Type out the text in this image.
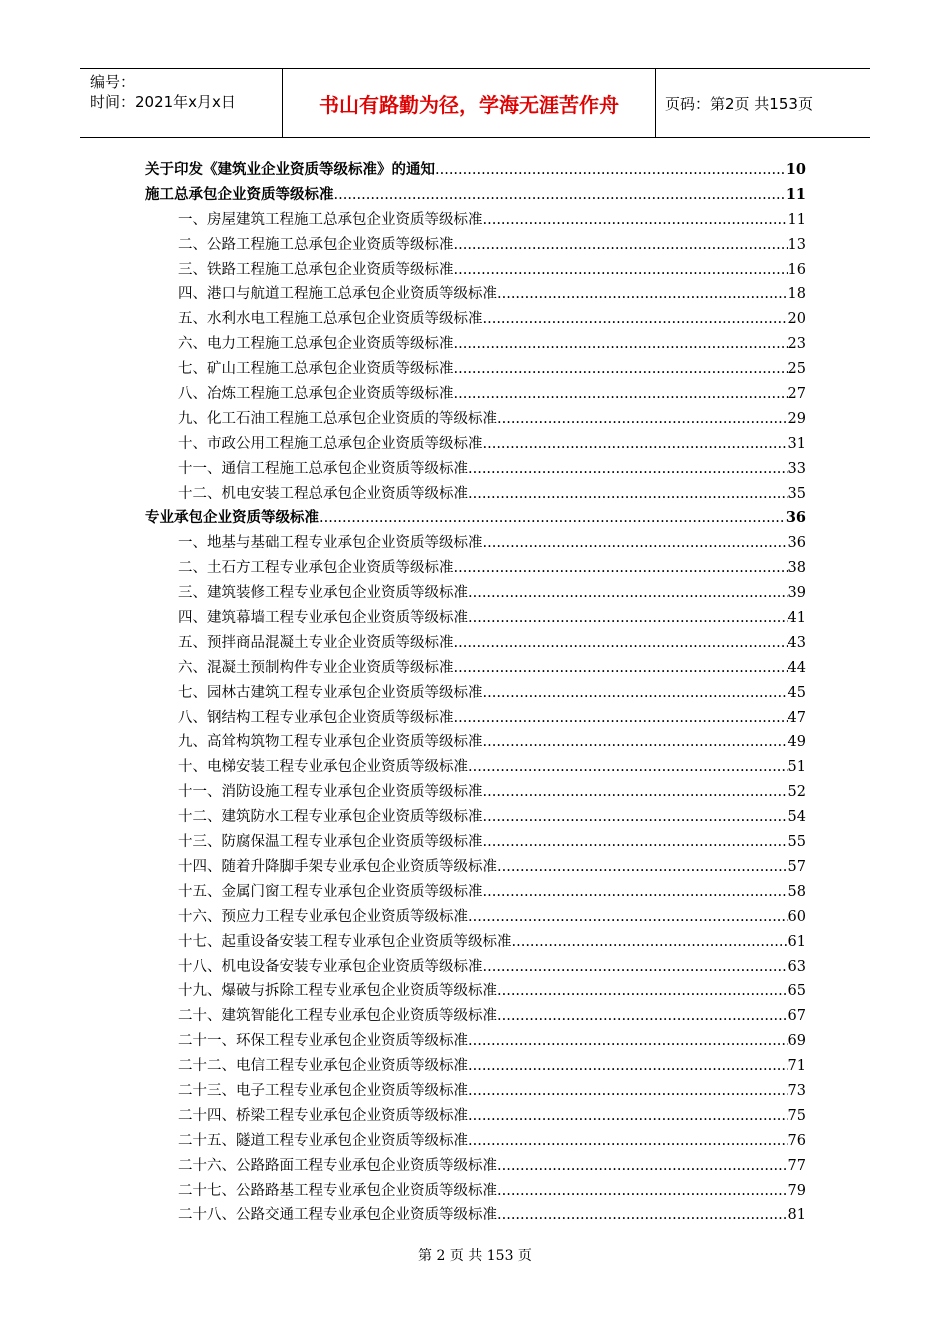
编号：
时间：2021年x月x日	书山有路勤为径，学海无涯苦作舟	页码：第2页 共153页
关于印发《建筑业企业资质等级标准》的通知 .....	10
施工总承包企业资质等级标准 .....	11
一、房屋建筑工程施工总承包企业资质等级标准 .....	11
二、公路工程施工总承包企业资质等级标准 .....	13
三、铁路工程施工总承包企业资质等级标准 .....	16
四、港口与航道工程施工总承包企业资质等级标准 .....	18
五、水利水电工程施工总承包企业资质等级标准 .....	20
六、电力工程施工总承包企业资质等级标准 .....	23
七、矿山工程施工总承包企业资质等级标准 .....	25
八、冶炼工程施工总承包企业资质等级标准 .....	27
九、化工石油工程施工总承包企业资质的等级标准 .....	29
十、市政公用工程施工总承包企业资质等级标准 .....	31
十一、通信工程施工总承包企业资质等级标准 .....	33
十二、机电安装工程总承包企业资质等级标准 .....	35
专业承包企业资质等级标准 .....	36
一、地基与基础工程专业承包企业资质等级标准 .....	36
二、土石方工程专业承包企业资质等级标准 .....	38
三、建筑装修工程专业承包企业资质等级标准 .....	39
四、建筑幕墙工程专业承包企业资质等级标准 .....	41
五、预拌商品混凝土专业企业资质等级标准 .....	43
六、混凝土预制构件专业企业资质等级标准 .....	44
七、园林古建筑工程专业承包企业资质等级标准 .....	45
八、钢结构工程专业承包企业资质等级标准 .....	47
九、高耸构筑物工程专业承包企业资质等级标准 .....	49
十、电梯安装工程专业承包企业资质等级标准 .....	51
十一、消防设施工程专业承包企业资质等级标准 .....	52
十二、建筑防水工程专业承包企业资质等级标准 .....	54
十三、防腐保温工程专业承包企业资质等级标准 .....	55
十四、随着升降脚手架专业承包企业资质等级标准 .....	57
十五、金属门窗工程专业承包企业资质等级标准 .....	58
十六、预应力工程专业承包企业资质等级标准 .....	60
十七、起重设备安装工程专业承包企业资质等级标准 .....	61
十八、机电设备安装专业承包企业资质等级标准 .....	63
十九、爆破与拆除工程专业承包企业资质等级标准 .....	65
二十、建筑智能化工程专业承包企业资质等级标准 .....	67
二十一、环保工程专业承包企业资质等级标准 .....	69
二十二、电信工程专业承包企业资质等级标准 .....	71
二十三、电子工程专业承包企业资质等级标准 .....	73
二十四、桥梁工程专业承包企业资质等级标准 .....	75
二十五、隧道工程专业承包企业资质等级标准 .....	76
二十六、公路路面工程专业承包企业资质等级标准 .....	77
二十七、公路路基工程专业承包企业资质等级标准 .....	79
二十八、公路交通工程专业承包企业资质等级标准 .....	81
第 2 页 共 153 页
